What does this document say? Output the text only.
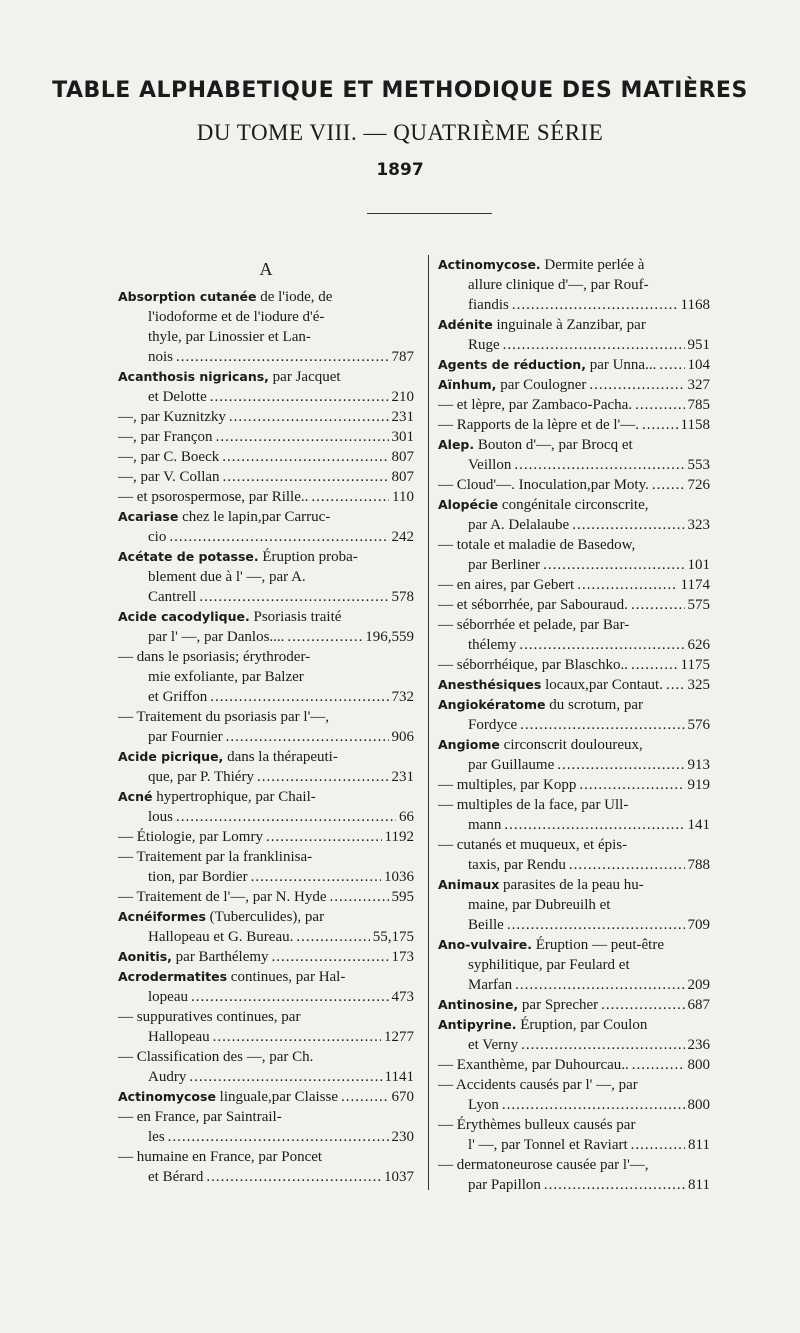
TABLE ALPHABETIQUE ET METHODIQUE DES MATIÈRES
DU TOME VIII. — QUATRIÈME SÉRIE
1897
A
Absorption cutanée de l'iode, de
l'iodoforme et de l'iodure d'é-
thyle, par Linossier et Lan-
nois .....	787
Acanthosis nigricans, par Jacquet
et Delotte .....	210
—, par Kuznitzky .....	231
—, par Françon .....	301
—, par C. Boeck .....	807
—, par V. Collan .....	807
— et psorospermose, par Rille.. .....	110
Acariase chez le lapin,par Carruc-
cio .....	242
Acétate de potasse. Éruption proba-
blement due à l' —, par A.
Cantrell .....	578
Acide cacodylique. Psoriasis traité
par l' —, par Danlos.... .....	196,559
— dans le psoriasis; érythroder-
mie exfoliante, par Balzer
et Griffon .....	732
— Traitement du psoriasis par l'—,
par Fournier .....	906
Acide picrique, dans la thérapeuti-
que, par P. Thiéry .....	231
Acné hypertrophique, par Chail-
lous .....	66
— Étiologie, par Lomry .....	1192
— Traitement par la franklinisa-
tion, par Bordier .....	1036
— Traitement de l'—, par N. Hyde .....	595
Acnéiformes (Tuberculides), par
Hallopeau et G. Bureau. .....	55,175
Aonitis, par Barthélemy .....	173
Acrodermatites continues, par Hal-
lopeau .....	473
— suppuratives continues, par
Hallopeau .....	1277
— Classification des —, par Ch.
Audry .....	1141
Actinomycose linguale,par Claisse .....	670
— en France, par Saintrail-
les .....	230
— humaine en France, par Poncet
et Bérard .....	1037
Actinomycose. Dermite perlée à
allure clinique d'—, par Rouf-
fiandis .....	1168
Adénite inguinale à Zanzibar, par
Ruge .....	951
Agents de réduction, par Unna... ..... 104
Aïnhum, par Coulogner .....	327
— et lèpre, par Zambaco-Pacha. .....	785
— Rapports de la lèpre et de l'—. .....	1158
Alep. Bouton d'—, par Brocq et
Veillon .....	553
— Cloud'—. Inoculation,par Moty. .....	726
Alopécie congénitale circonscrite,
par A. Delalaube .....	323
— totale et maladie de Basedow,
par Berliner .....	101
— en aires, par Gebert .....	1174
— et séborrhée, par Sabouraud. .....	575
— séborrhée et pelade, par Bar-
thélemy .....	626
— séborrhéique, par Blaschko.. .....	1175
Anesthésiques locaux,par Contaut. ..... 325
Angiokératome du scrotum, par
Fordyce .....	576
Angiome circonscrit douloureux,
par Guillaume .....	913
— multiples, par Kopp .....	919
— multiples de la face, par Ull-
mann .....	141
— cutanés et muqueux, et épis-
taxis, par Rendu .....	788
Animaux parasites de la peau hu-
maine, par Dubreuilh et
Beille .....	709
Ano-vulvaire. Éruption — peut-être
syphilitique, par Feulard et
Marfan .....	209
Antinosine, par Sprecher .....	687
Antipyrine. Éruption, par Coulon
et Verny .....	236
— Exanthème, par Duhourcau.. .....	800
— Accidents causés par l' —, par
Lyon .....	800
— Érythèmes bulleux causés par
l' —, par Tonnel et Raviart .....	811
— dermatoneurose causée par l'—,
par Papillon .....	811
